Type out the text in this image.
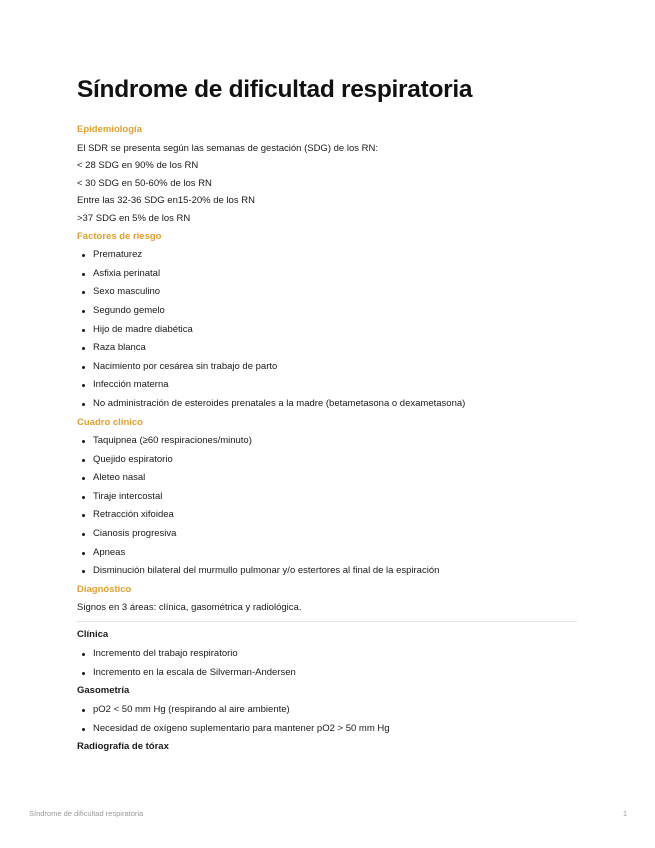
Síndrome de dificultad respiratoria
Epidemiología
El SDR se presenta según las semanas de gestación (SDG) de los RN:
< 28 SDG en 90% de los RN
< 30 SDG en 50-60% de los RN
Entre las 32-36 SDG en15-20% de los RN
>37 SDG en 5% de los RN
Factores de riesgo
Prematurez
Asfixia perinatal
Sexo masculino
Segundo gemelo
Hijo de madre diabética
Raza blanca
Nacimiento por cesárea sin trabajo de parto
Infección materna
No administración de esteroides prenatales a la madre (betametasona o dexametasona)
Cuadro clínico
Taquipnea (≥60 respiraciones/minuto)
Quejido espiratorio
Aleteo nasal
Tiraje intercostal
Retracción xifoidea
Cianosis progresiva
Apneas
Disminución bilateral del murmullo pulmonar y/o estertores al final de la espiración
Diagnóstico
Signos en 3 áreas: clínica, gasométrica y radiológica.
Clínica
Incremento del trabajo respiratorio
Incremento en la escala de Silverman-Andersen
Gasometría
pO2 < 50 mm Hg (respirando al aire ambiente)
Necesidad de oxígeno suplementario para mantener pO2 > 50 mm Hg
Radiografía de tórax
Síndrome de dificultad respiratoria	1
